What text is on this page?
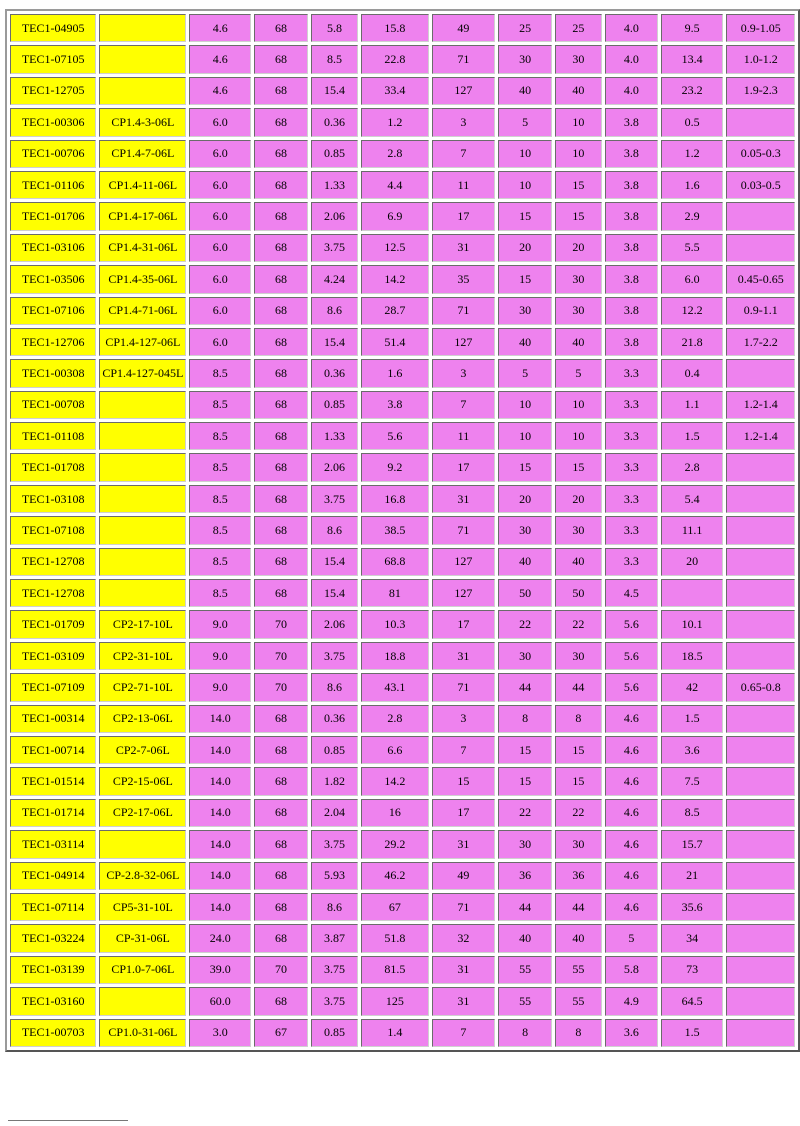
TEC1-04905		4.6	68	5.8	15.8	49	25	25	4.0	9.5	0.9-1.05
TEC1-07105		4.6	68	8.5	22.8	71	30	30	4.0	13.4	1.0-1.2
TEC1-12705		4.6	68	15.4	33.4	127	40	40	4.0	23.2	1.9-2.3
TEC1-00306	CP1.4-3-06L	6.0	68	0.36	1.2	3	5	10	3.8	0.5	
TEC1-00706	CP1.4-7-06L	6.0	68	0.85	2.8	7	10	10	3.8	1.2	0.05-0.3
TEC1-01106	CP1.4-11-06L	6.0	68	1.33	4.4	11	10	15	3.8	1.6	0.03-0.5
TEC1-01706	CP1.4-17-06L	6.0	68	2.06	6.9	17	15	15	3.8	2.9	
TEC1-03106	CP1.4-31-06L	6.0	68	3.75	12.5	31	20	20	3.8	5.5	
TEC1-03506	CP1.4-35-06L	6.0	68	4.24	14.2	35	15	30	3.8	6.0	0.45-0.65
TEC1-07106	CP1.4-71-06L	6.0	68	8.6	28.7	71	30	30	3.8	12.2	0.9-1.1
TEC1-12706	CP1.4-127-06L	6.0	68	15.4	51.4	127	40	40	3.8	21.8	1.7-2.2
TEC1-00308	CP1.4-127-045L	8.5	68	0.36	1.6	3	5	5	3.3	0.4	
TEC1-00708		8.5	68	0.85	3.8	7	10	10	3.3	1.1	1.2-1.4
TEC1-01108		8.5	68	1.33	5.6	11	10	10	3.3	1.5	1.2-1.4
TEC1-01708		8.5	68	2.06	9.2	17	15	15	3.3	2.8	
TEC1-03108		8.5	68	3.75	16.8	31	20	20	3.3	5.4	
TEC1-07108		8.5	68	8.6	38.5	71	30	30	3.3	11.1	
TEC1-12708		8.5	68	15.4	68.8	127	40	40	3.3	20	
TEC1-12708		8.5	68	15.4	81	127	50	50	4.5		
TEC1-01709	CP2-17-10L	9.0	70	2.06	10.3	17	22	22	5.6	10.1	
TEC1-03109	CP2-31-10L	9.0	70	3.75	18.8	31	30	30	5.6	18.5	
TEC1-07109	CP2-71-10L	9.0	70	8.6	43.1	71	44	44	5.6	42	0.65-0.8
TEC1-00314	CP2-13-06L	14.0	68	0.36	2.8	3	8	8	4.6	1.5	
TEC1-00714	CP2-7-06L	14.0	68	0.85	6.6	7	15	15	4.6	3.6	
TEC1-01514	CP2-15-06L	14.0	68	1.82	14.2	15	15	15	4.6	7.5	
TEC1-01714	CP2-17-06L	14.0	68	2.04	16	17	22	22	4.6	8.5	
TEC1-03114		14.0	68	3.75	29.2	31	30	30	4.6	15.7	
TEC1-04914	CP-2.8-32-06L	14.0	68	5.93	46.2	49	36	36	4.6	21	
TEC1-07114	CP5-31-10L	14.0	68	8.6	67	71	44	44	4.6	35.6	
TEC1-03224	CP-31-06L	24.0	68	3.87	51.8	32	40	40	5	34	
TEC1-03139	CP1.0-7-06L	39.0	70	3.75	81.5	31	55	55	5.8	73	
TEC1-03160		60.0	68	3.75	125	31	55	55	4.9	64.5	
TEC1-00703	CP1.0-31-06L	3.0	67	0.85	1.4	7	8	8	3.6	1.5	
